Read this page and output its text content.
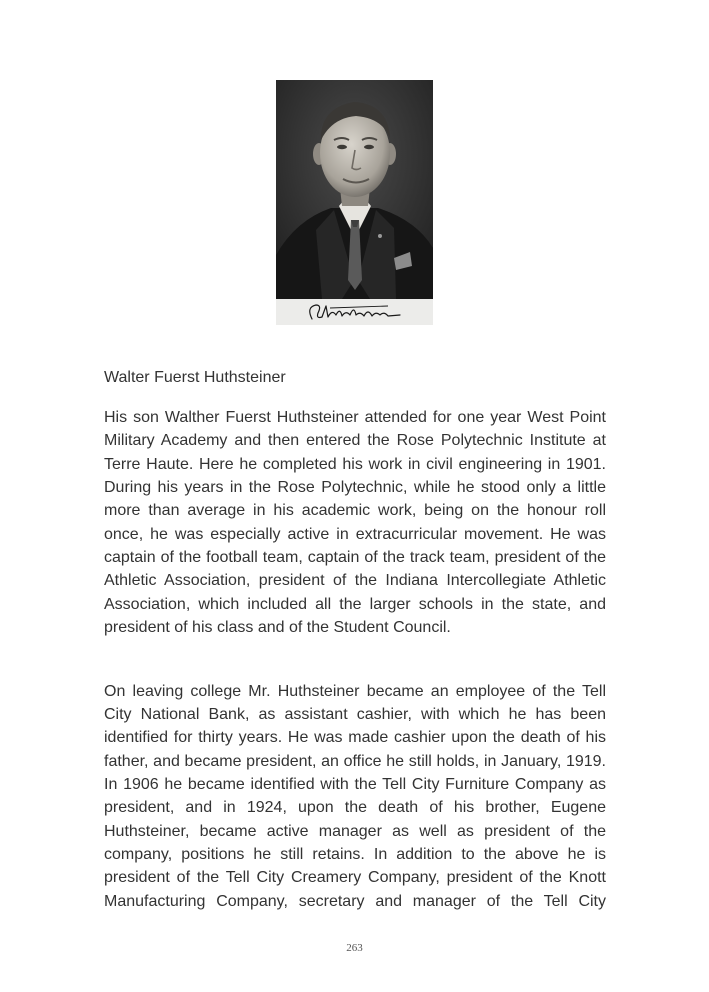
Walter Fuerst Huthsteiner

His son Walther Fuerst Huthsteiner attended for one year West Point Military Academy and then entered the Rose Polytechnic Institute at Terre Haute. Here he completed his work in civil engineering in 1901. During his years in the Rose Polytechnic, while he stood only a little more than average in his academic work, being on the honour roll once, he was especially active in extracurricular movement. He was captain of the football team, captain of the track team, president of the Athletic Association, president of the Indiana Intercollegiate Athletic Association, which included all the larger schools in the state, and president of his class and of the Student Council.

On leaving college Mr. Huthsteiner became an employee of the Tell City National Bank, as assistant cashier, with which he has been identified for thirty years. He was made cashier upon the death of his father, and became president, an office he still holds, in January, 1919. In 1906 he became identified with the Tell City Furniture Company as president, and in 1924, upon the death of his brother, Eugene Huthsteiner, became active manager as well as president of the company, positions he still retains. In addition to the above he is president of the Tell City Creamery Company, president of the Knott Manufacturing Company, secretary and manager of the Tell City

263
